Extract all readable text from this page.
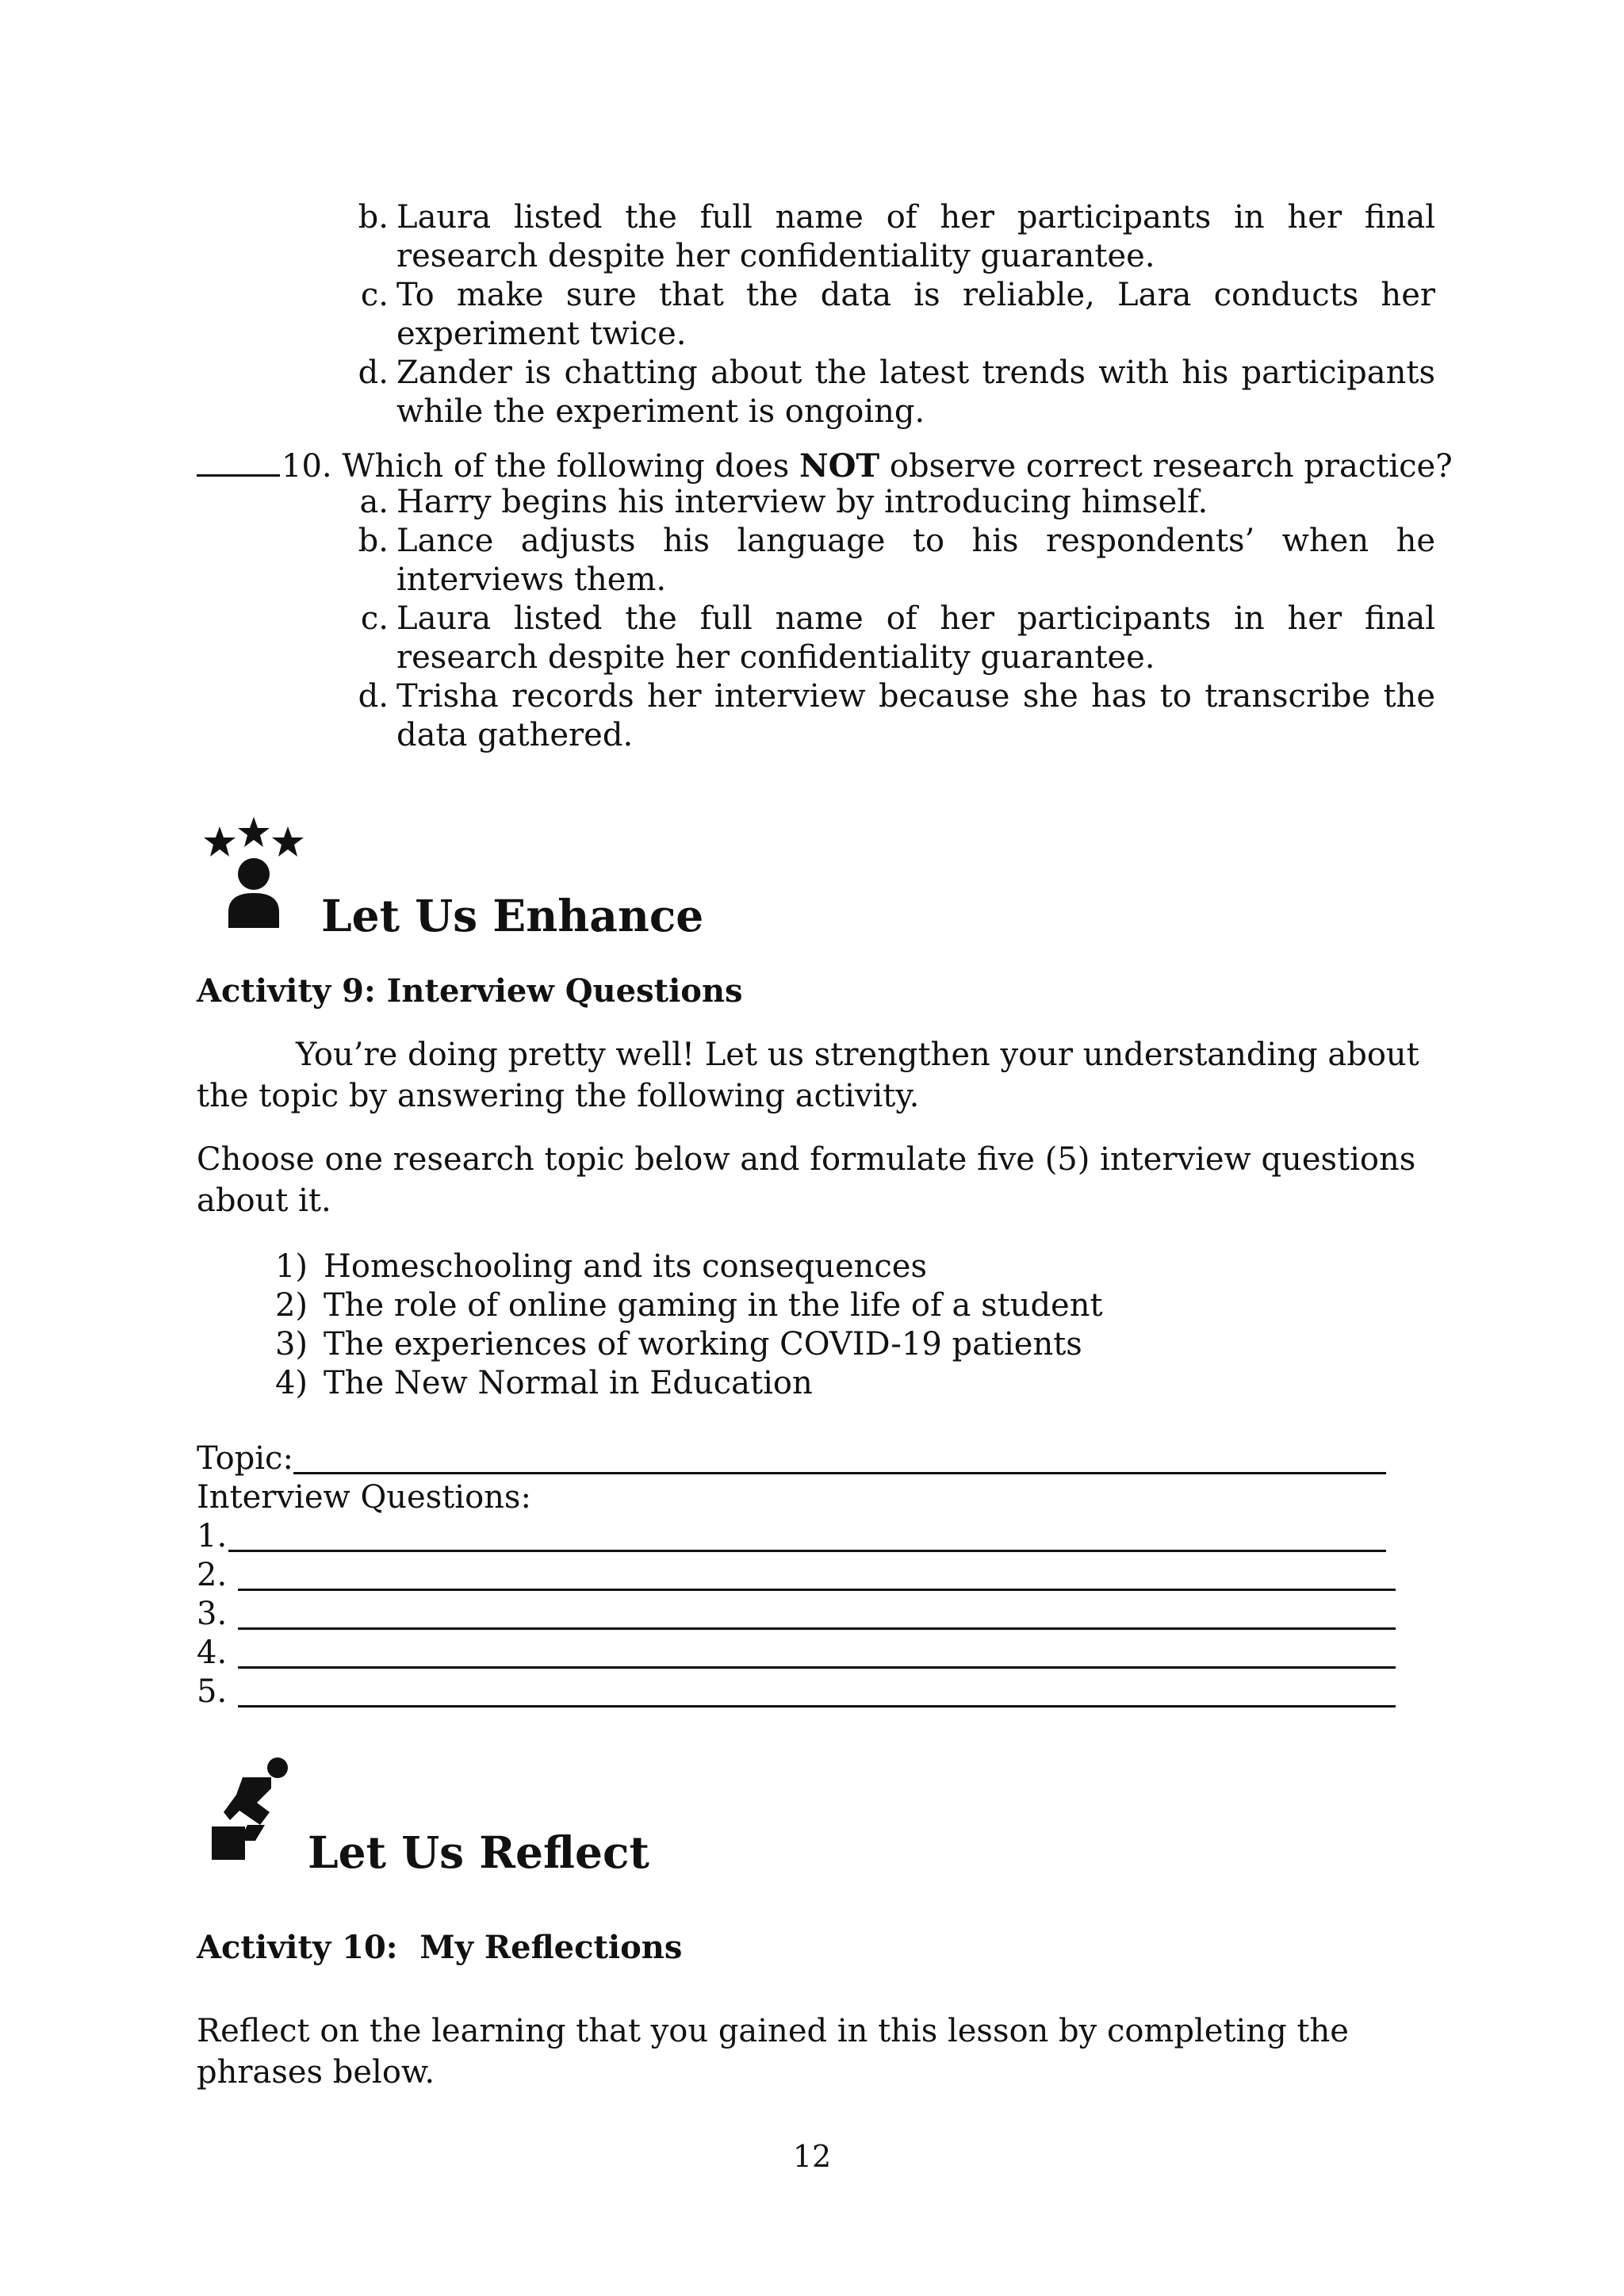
b. Laura listed the full name of her participants in her final
research despite her confidentiality guarantee.
c. To make sure that the data is reliable, Lara conducts her
experiment twice.
d. Zander is chatting about the latest trends with his participants
while the experiment is ongoing.
10. Which of the following does NOT observe correct research practice?
a. Harry begins his interview by introducing himself.
b. Lance adjusts his language to his respondents’ when he
interviews them.
c. Laura listed the full name of her participants in her final
research despite her confidentiality guarantee.
d. Trisha records her interview because she has to transcribe the
data gathered.
Let Us Enhance
Activity 9: Interview Questions
You’re doing pretty well! Let us strengthen your understanding about the topic by answering the following activity.
Choose one research topic below and formulate five (5) interview questions about it.
1) Homeschooling and its consequences
2) The role of online gaming in the life of a student
3) The experiences of working COVID-19 patients
4) The New Normal in Education
Topic:
Interview Questions:
1.
2.
3.
4.
5.
Let Us Reflect
Activity 10:  My Reflections
Reflect on the learning that you gained in this lesson by completing the phrases below.
12
